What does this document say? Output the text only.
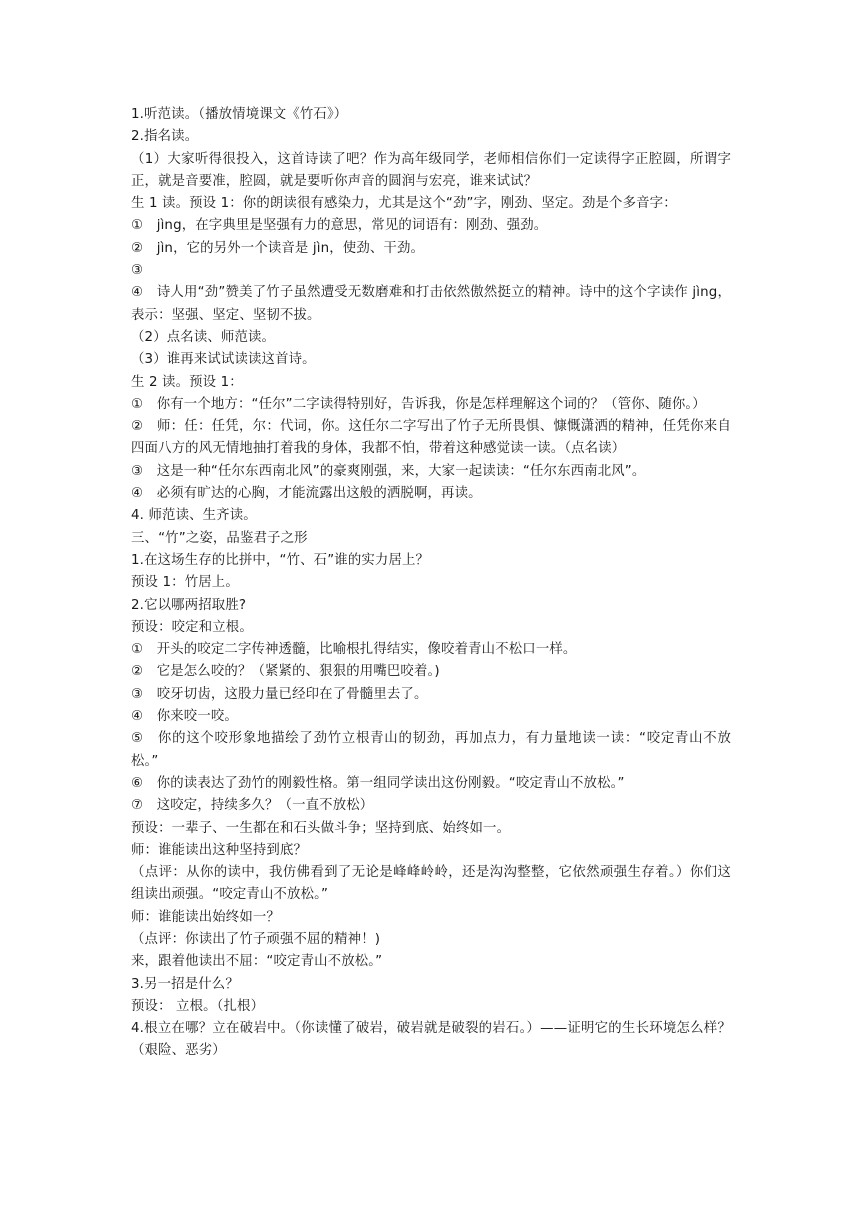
1.听范读。（播放情境课文《竹石》）

2.指名读。

（1）大家听得很投入，这首诗读了吧？作为高年级同学，老师相信你们一定读得字正腔圆，所谓字正，就是音要准，腔圆，就是要听你声音的圆润与宏亮，谁来试试？

生 1 读。预设 1：你的朗读很有感染力，尤其是这个“劲”字，刚劲、坚定。劲是个多音字：

①　jìng，在字典里是坚强有力的意思，常见的词语有：刚劲、强劲。

②　jìn，它的另外一个读音是 jìn，使劲、干劲。

③

④　诗人用“劲”赞美了竹子虽然遭受无数磨难和打击依然傲然挺立的精神。诗中的这个字读作 jìng，表示：坚强、坚定、坚韧不拔。

（2）点名读、师范读。

（3）谁再来试试读读这首诗。

生 2 读。预设 1：

①　你有一个地方：“任尔”二字读得特别好，告诉我，你是怎样理解这个词的？（管你、随你。）

②　师：任：任凭，尔：代词，你。这任尔二字写出了竹子无所畏惧、慷慨潇洒的精神，任凭你来自四面八方的风无情地抽打着我的身体，我都不怕，带着这种感觉读一读。（点名读）

③　这是一种“任尔东西南北风”的豪爽刚强，来，大家一起读读：“任尔东西南北风”。

④　必须有旷达的心胸，才能流露出这般的洒脱啊，再读。

4. 师范读、生齐读。

三、“竹”之姿，品鉴君子之形

1.在这场生存的比拼中，“竹、石”谁的实力居上？

预设 1：竹居上。

2.它以哪两招取胜?

预设：咬定和立根。

①　开头的咬定二字传神透髓，比喻根扎得结实，像咬着青山不松口一样。

②　它是怎么咬的？（紧紧的、狠狠的用嘴巴咬着。)

③　咬牙切齿，这股力量已经印在了骨髓里去了。

④　你来咬一咬。

⑤　你的这个咬形象地描绘了劲竹立根青山的韧劲，再加点力，有力量地读一读：“咬定青山不放松。”

⑥　你的读表达了劲竹的刚毅性格。第一组同学读出这份刚毅。“咬定青山不放松。”

⑦　这咬定，持续多久？（一直不放松）

预设：一辈子、一生都在和石头做斗争；坚持到底、始终如一。

师：谁能读出这种坚持到底？

（点评：从你的读中，我仿佛看到了无论是峰峰岭岭，还是沟沟整整，它依然顽强生存着。）你们这组读出顽强。“咬定青山不放松。”

师：谁能读出始终如一？

（点评：你读出了竹子顽强不屈的精神！)

来，跟着他读出不屈：“咬定青山不放松。”

3.另一招是什么？

预设： 立根。（扎根）

4.根立在哪？立在破岩中。（你读懂了破岩，破岩就是破裂的岩石。）——证明它的生长环境怎么样？（艰险、恶劣）
